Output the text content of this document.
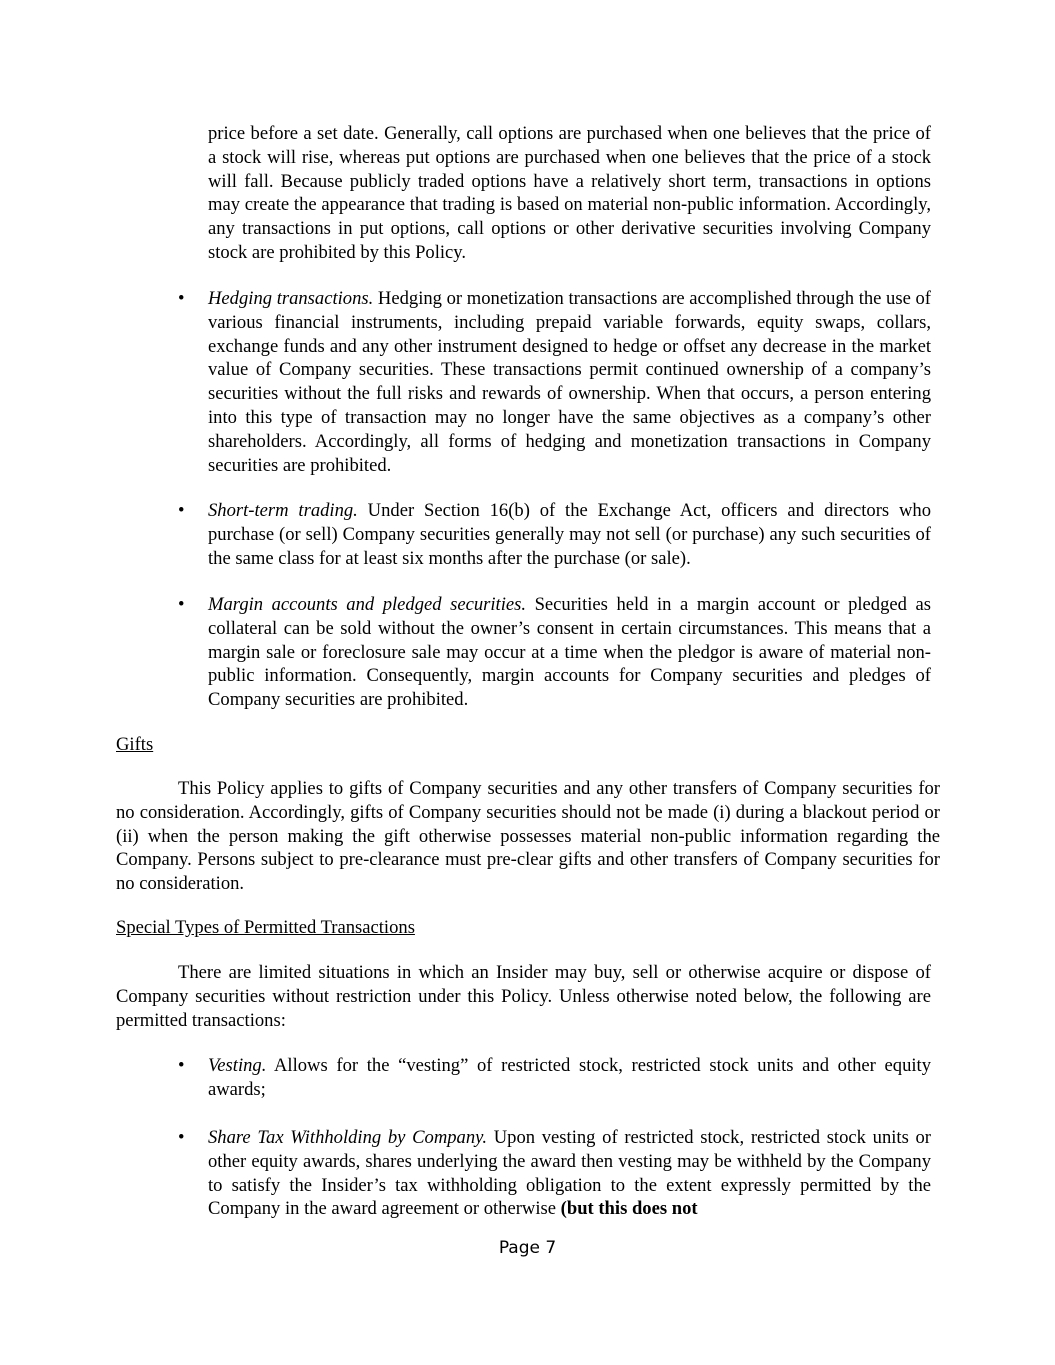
price before a set date. Generally, call options are purchased when one believes that the price of a stock will rise, whereas put options are purchased when one believes that the price of a stock will fall. Because publicly traded options have a relatively short term, transactions in options may create the appearance that trading is based on material non-public information. Accordingly, any transactions in put options, call options or other derivative securities involving Company stock are prohibited by this Policy.

• Hedging transactions. Hedging or monetization transactions are accomplished through the use of various financial instruments, including prepaid variable forwards, equity swaps, collars, exchange funds and any other instrument designed to hedge or offset any decrease in the market value of Company securities. These transactions permit continued ownership of a company’s securities without the full risks and rewards of ownership. When that occurs, a person entering into this type of transaction may no longer have the same objectives as a company’s other shareholders. Accordingly, all forms of hedging and monetization transactions in Company securities are prohibited.
• Short-term trading. Under Section 16(b) of the Exchange Act, officers and directors who purchase (or sell) Company securities generally may not sell (or purchase) any such securities of the same class for at least six months after the purchase (or sale).
• Margin accounts and pledged securities. Securities held in a margin account or pledged as collateral can be sold without the owner’s consent in certain circumstances. This means that a margin sale or foreclosure sale may occur at a time when the pledgor is aware of material non-public information. Consequently, margin accounts for Company securities and pledges of Company securities are prohibited.

Gifts

This Policy applies to gifts of Company securities and any other transfers of Company securities for no consideration. Accordingly, gifts of Company securities should not be made (i) during a blackout period or (ii) when the person making the gift otherwise possesses material non-public information regarding the Company. Persons subject to pre-clearance must pre-clear gifts and other transfers of Company securities for no consideration.

Special Types of Permitted Transactions

There are limited situations in which an Insider may buy, sell or otherwise acquire or dispose of Company securities without restriction under this Policy. Unless otherwise noted below, the following are permitted transactions:

• Vesting. Allows for the “vesting” of restricted stock, restricted stock units and other equity awards;
• Share Tax Withholding by Company. Upon vesting of restricted stock, restricted stock units or other equity awards, shares underlying the award then vesting may be withheld by the Company to satisfy the Insider’s tax withholding obligation to the extent expressly permitted by the Company in the award agreement or otherwise (but this does not
Page 7
